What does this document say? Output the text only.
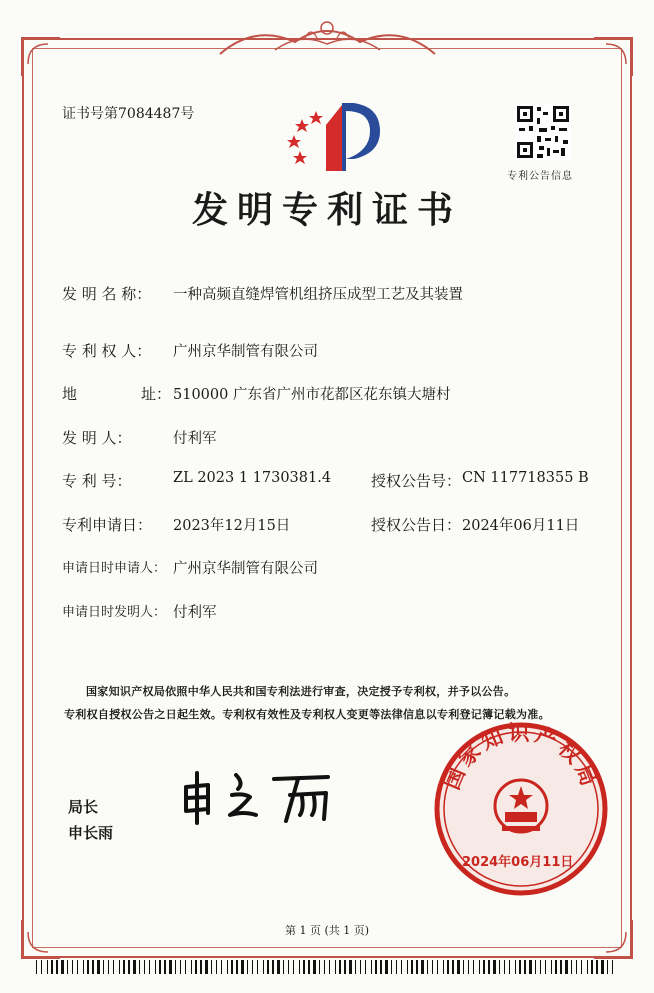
证书号第7084487号
专利公告信息
发明专利证书
发 明 名 称： 一种高频直缝焊管机组挤压成型工艺及其装置
专 利 权 人： 广州京华制管有限公司
地	址： 510000 广东省广州市花都区花东镇大塘村
发 明 人：	付利军
专 利 号：	ZL 2023 1 1730381.4	授权公告号： CN 117718355 B
专利申请日： 2023年12月15日	授权公告日： 2024年06月11日
申请日时申请人： 广州京华制管有限公司
申请日时发明人： 付利军
国家知识产权局依照中华人民共和国专利法进行审查，决定授予专利权，并予以公告。
专利权自授权公告之日起生效。专利权有效性及专利权人变更等法律信息以专利登记簿记载为准。
局长
申长雨
国家知识产权局
2024年06月11日
第 1 页 (共 1 页)
